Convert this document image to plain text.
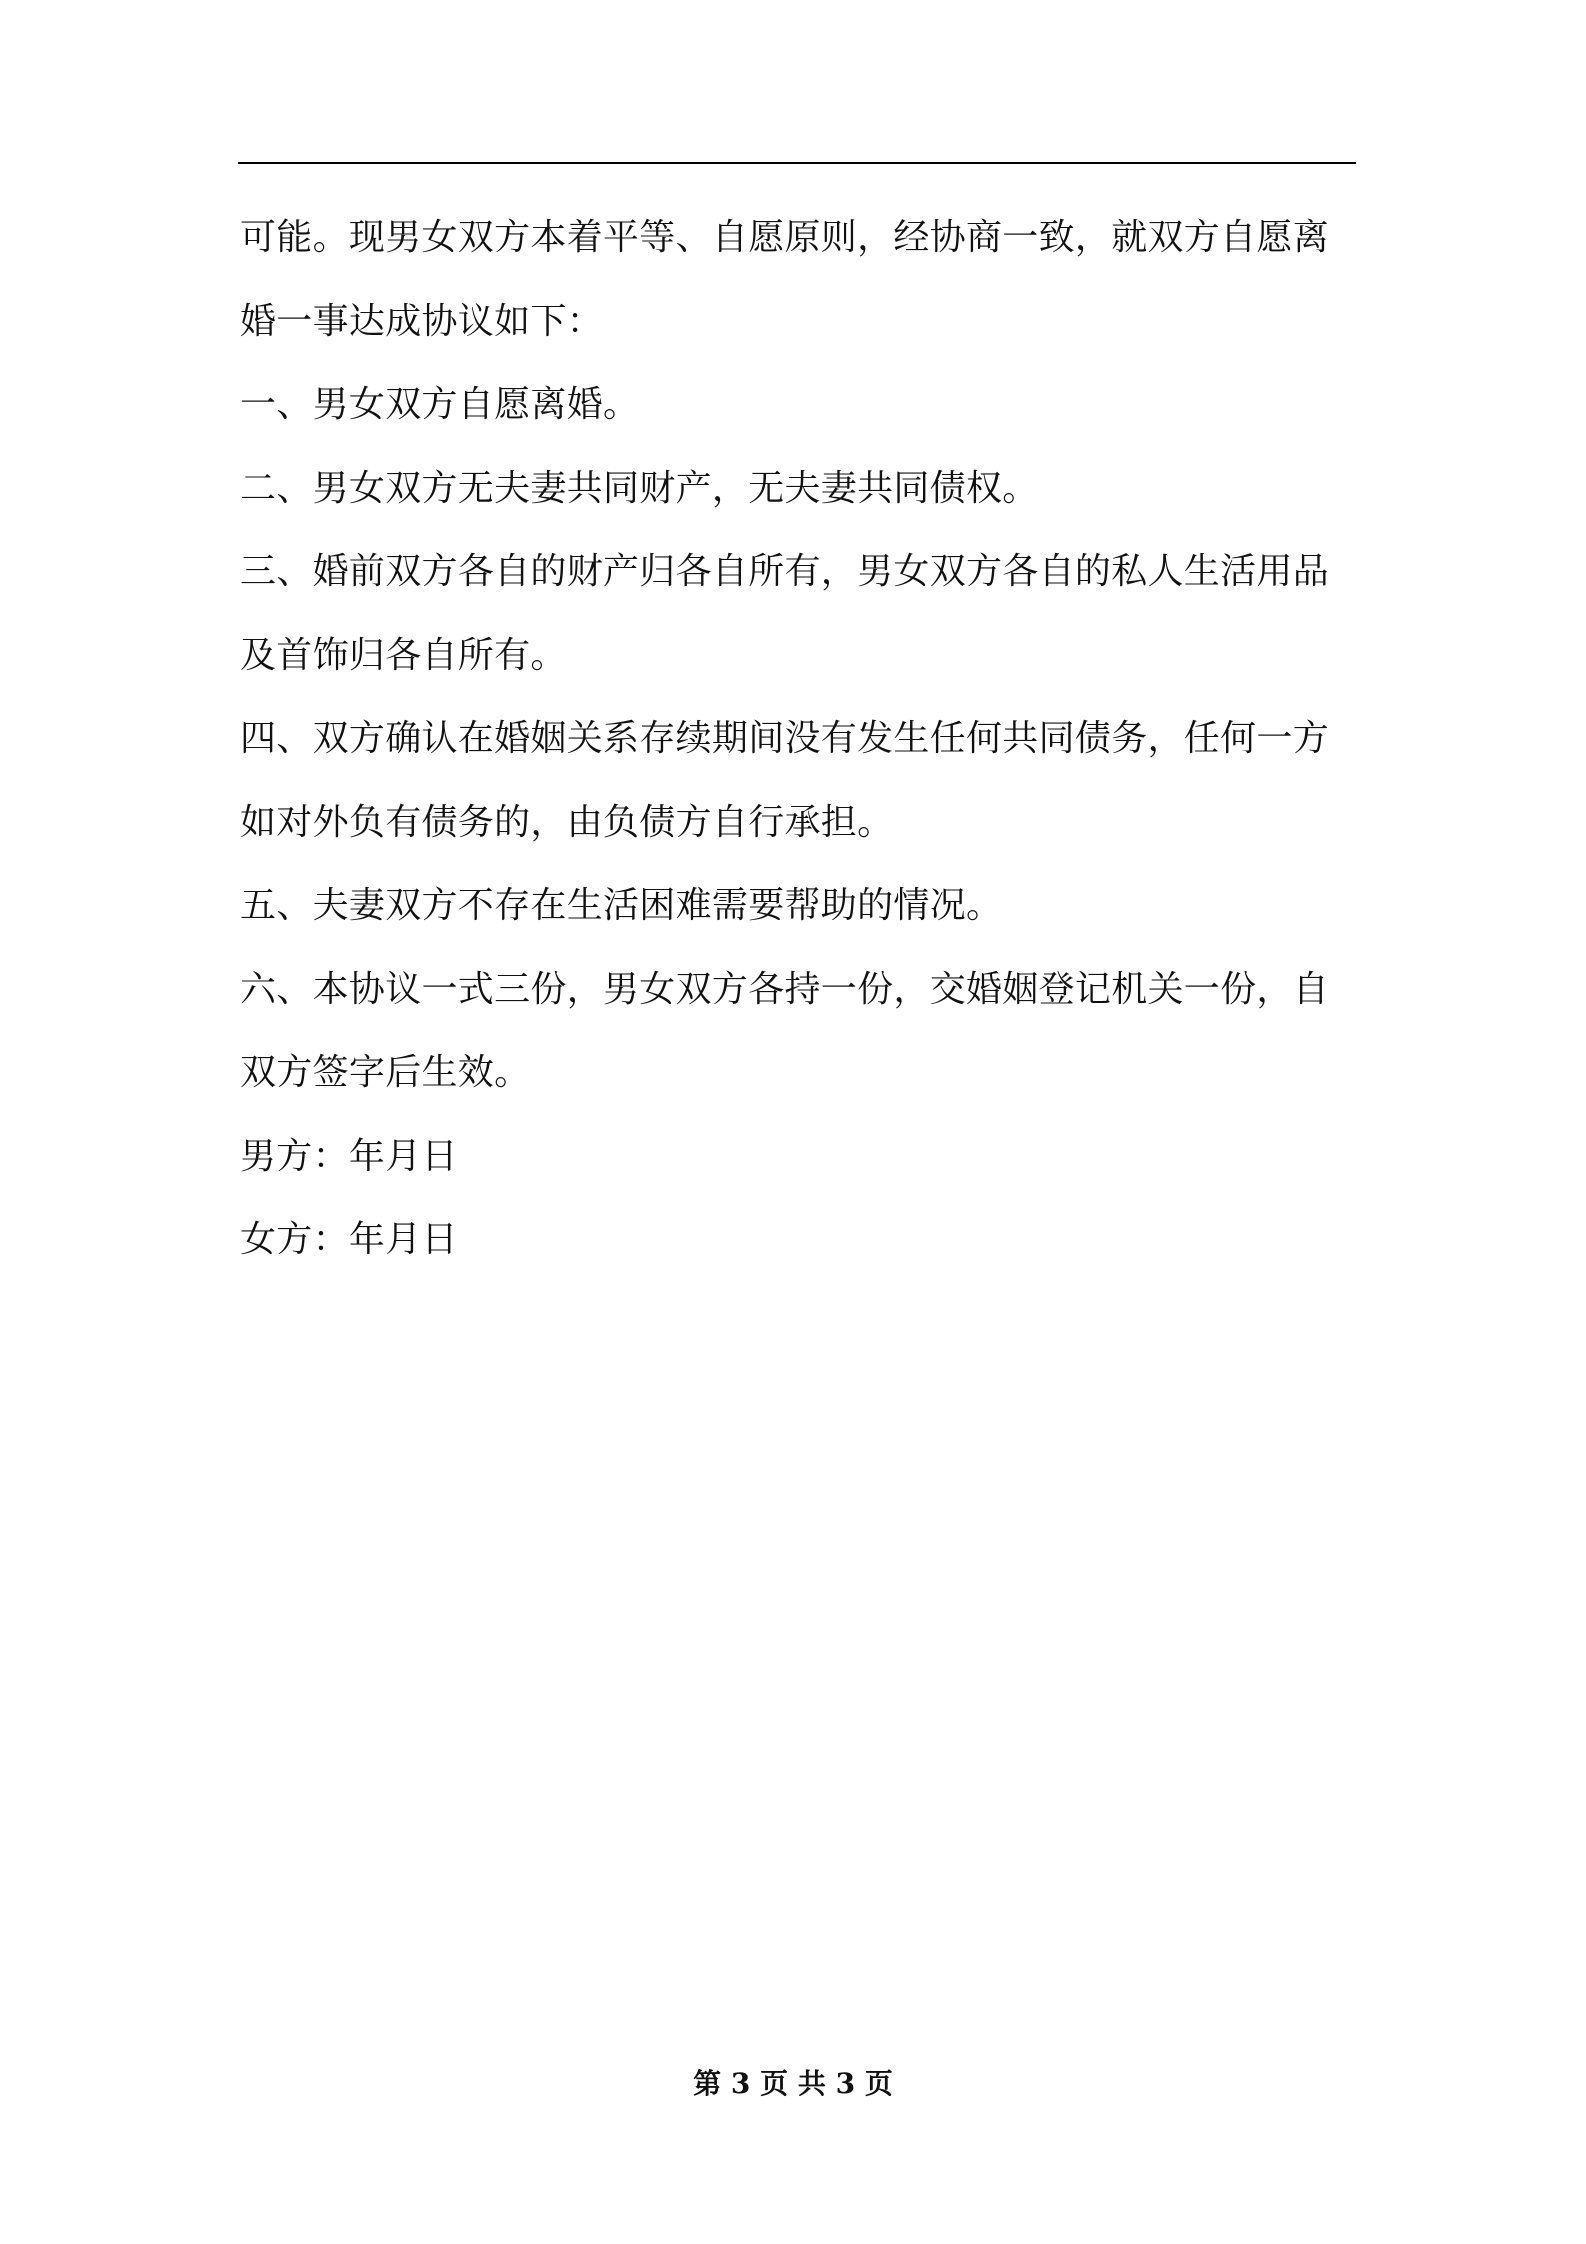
可能。现男女双方本着平等、自愿原则，经协商一致，就双方自愿离
婚一事达成协议如下：
一、男女双方自愿离婚。
二、男女双方无夫妻共同财产，无夫妻共同债权。
三、婚前双方各自的财产归各自所有，男女双方各自的私人生活用品
及首饰归各自所有。
四、双方确认在婚姻关系存续期间没有发生任何共同债务，任何一方
如对外负有债务的，由负债方自行承担。
五、夫妻双方不存在生活困难需要帮助的情况。
六、本协议一式三份，男女双方各持一份，交婚姻登记机关一份，自
双方签字后生效。
男方：年月日
女方：年月日
第 3 页 共 3 页
